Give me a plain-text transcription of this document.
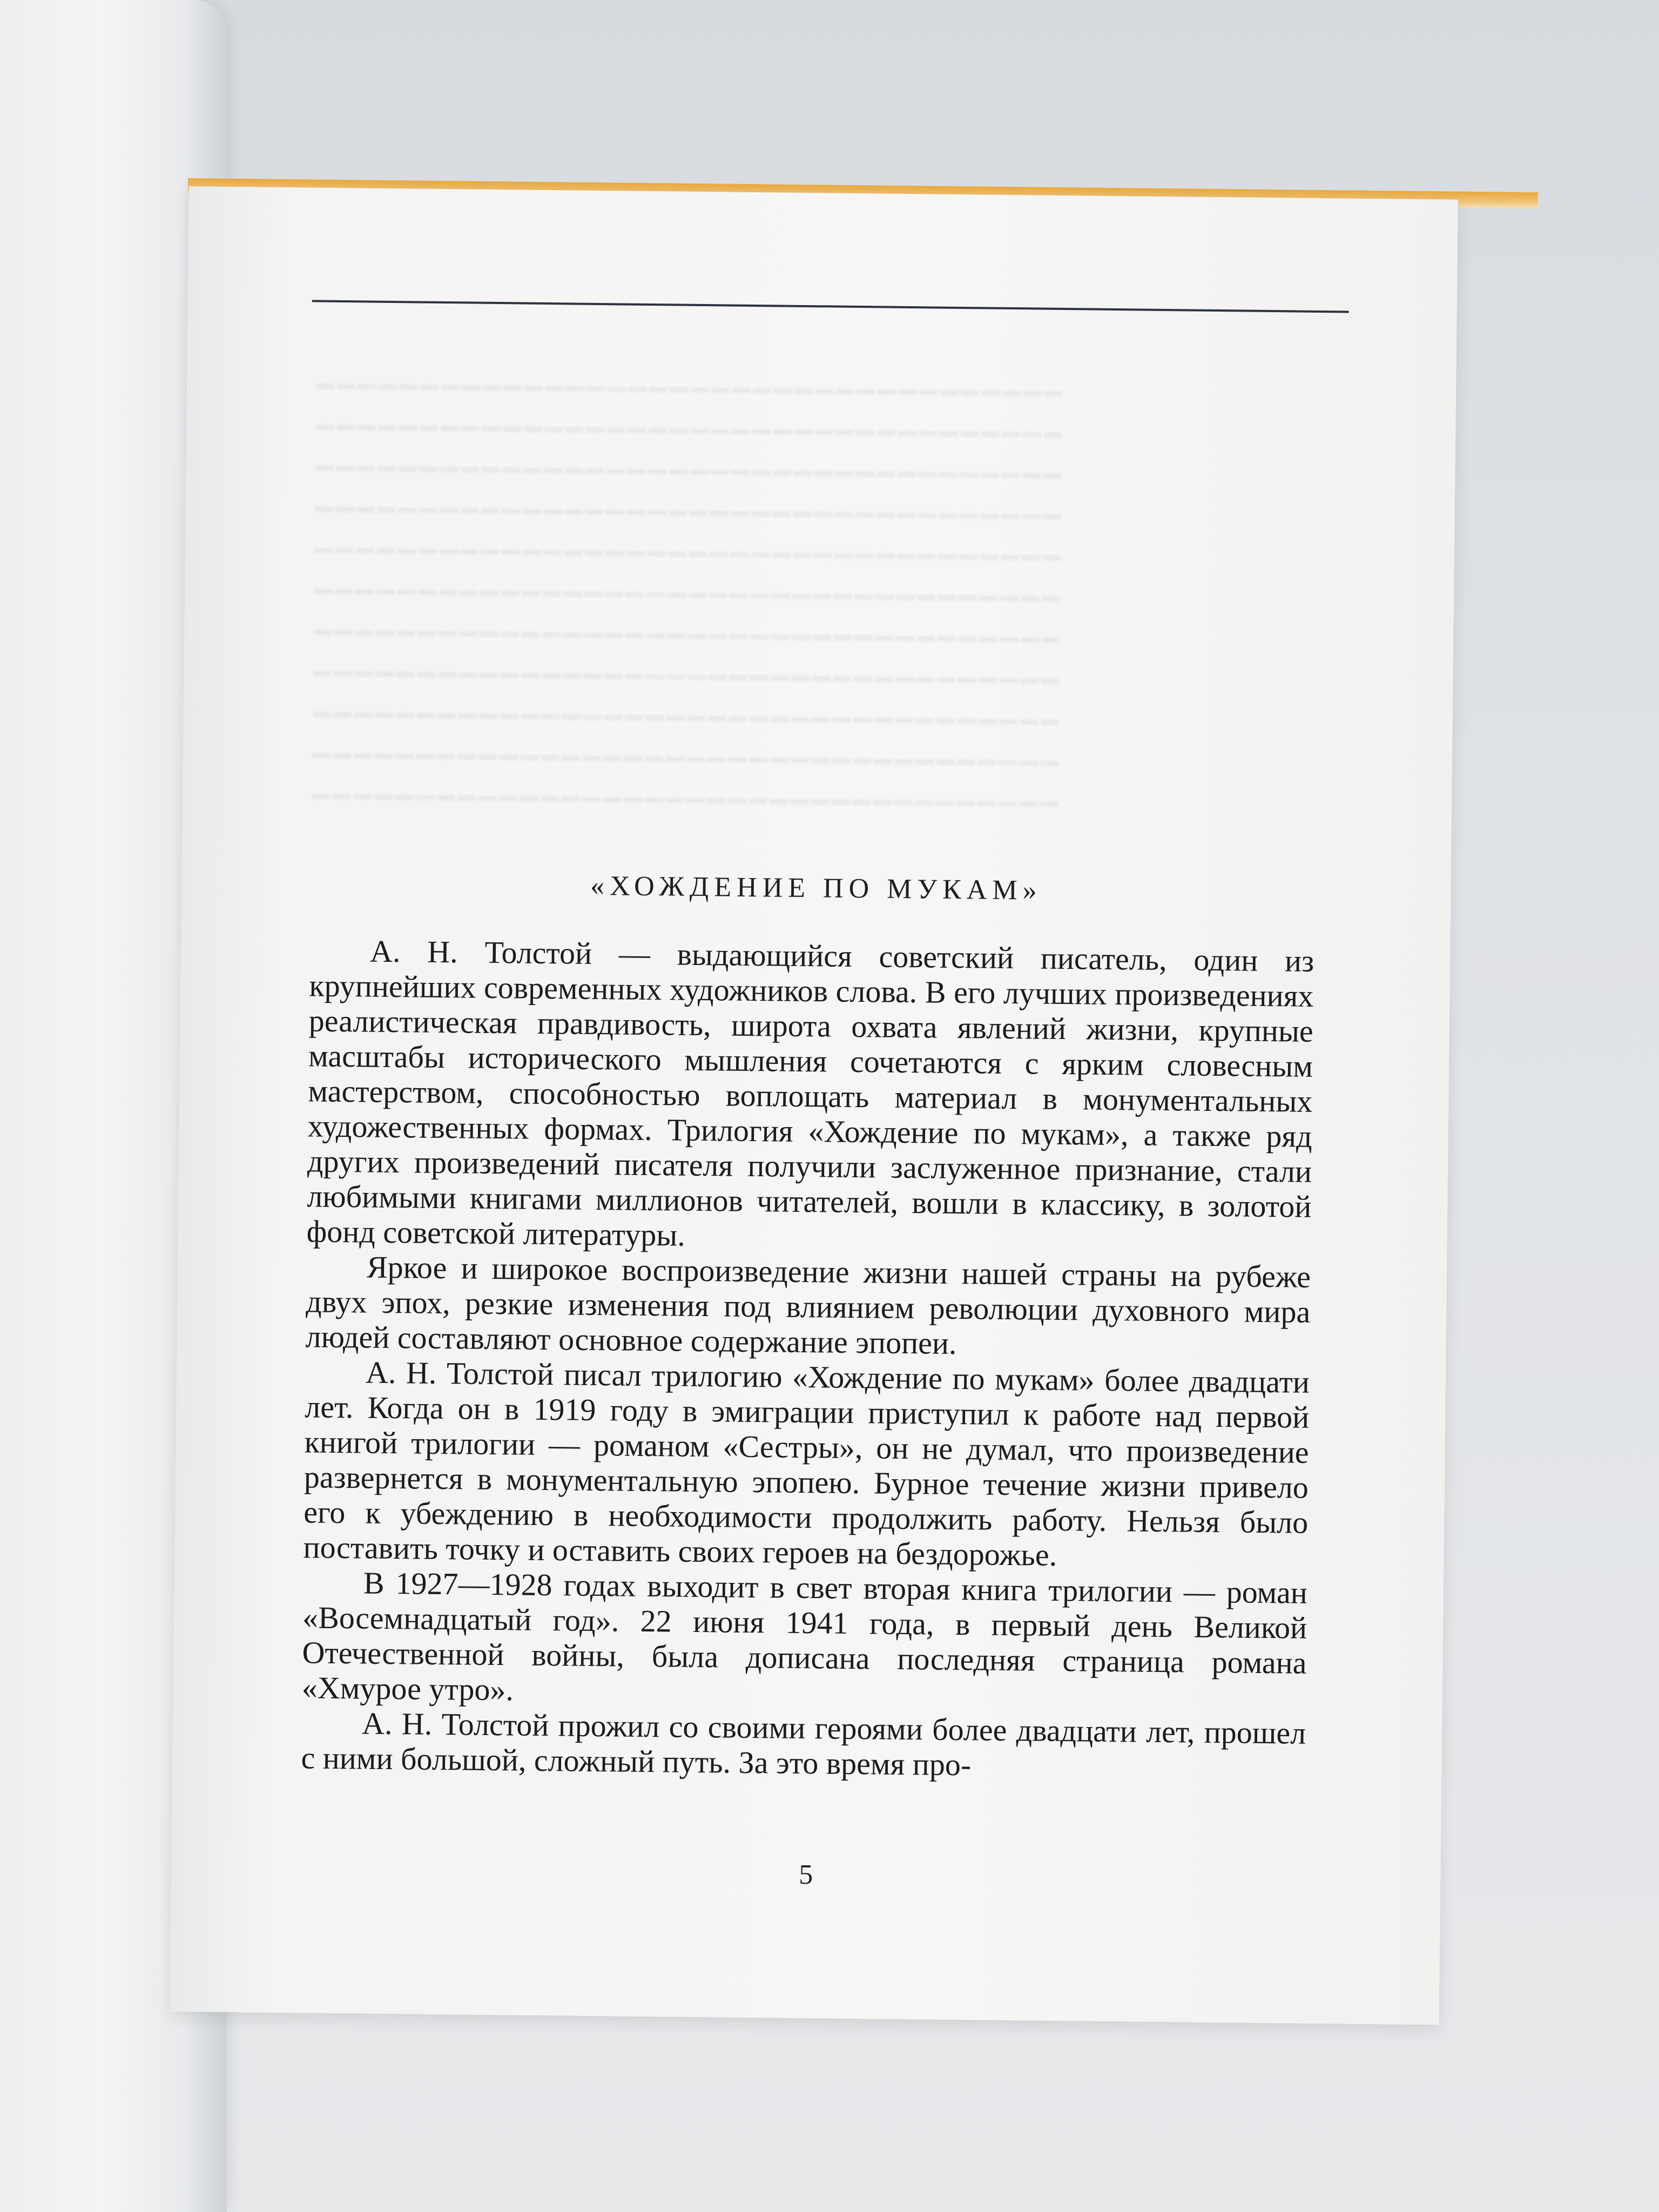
━━━━━━━━━━━━━━━━━━━━━━━━━━━━━━━━━━━━
━━━━━━━━━━━━━━━━━━━━━━━━━━━━━━━━━━━━
━━━━━━━━━━━━━━━━━━━━━━━━━━━━━━━━━━━━
━━━━━━━━━━━━━━━━━━━━━━━━━━━━━━━━━━━━
━━━━━━━━━━━━━━━━━━━━━━━━━━━━━━━━━━━━
━━━━━━━━━━━━━━━━━━━━━━━━━━━━━━━━━━━━
━━━━━━━━━━━━━━━━━━━━━━━━━━━━━━━━━━━━
━━━━━━━━━━━━━━━━━━━━━━━━━━━━━━━━━━━━
━━━━━━━━━━━━━━━━━━━━━━━━━━━━━━━━━━━━
━━━━━━━━━━━━━━━━━━━━━━━━━━━━━━━━━━━━
━━━━━━━━━━━━━━━━━━━━━━━━━━━━━━━━━━━━
«ХОЖДЕНИЕ ПО МУКАМ»

А. Н. Толстой — выдающийся советский писатель, один из крупнейших современных художников слова. В его лучших произведениях реалистическая правдивость, широта охвата явлений жизни, крупные масштабы исторического мышления сочетаются с ярким словесным мастерством, способностью воплощать материал в монументальных художественных формах. Трилогия «Хождение по мукам», а также ряд других произведений писателя получили заслуженное признание, стали любимыми книгами миллионов читателей, вошли в классику, в золотой фонд советской литературы.

Яркое и широкое воспроизведение жизни нашей страны на рубеже двух эпох, резкие изменения под влиянием революции духовного мира людей составляют основное содержание эпопеи.

А. Н. Толстой писал трилогию «Хождение по мукам» более двадцати лет. Когда он в 1919 году в эмиграции приступил к работе над первой книгой трилогии — романом «Сестры», он не думал, что произведение развернется в монументальную эпопею. Бурное течение жизни привело его к убеждению в необходимости продолжить работу. Нельзя было поставить точку и оставить своих героев на бездорожье.

В 1927—1928 годах выходит в свет вторая книга трилогии — роман «Восемнадцатый год». 22 июня 1941 года, в первый день Великой Отечественной войны, была дописана последняя страница романа «Хмурое утро».

А. Н. Толстой прожил со своими героями более двадцати лет, прошел с ними большой, сложный путь. За это время про-

5
